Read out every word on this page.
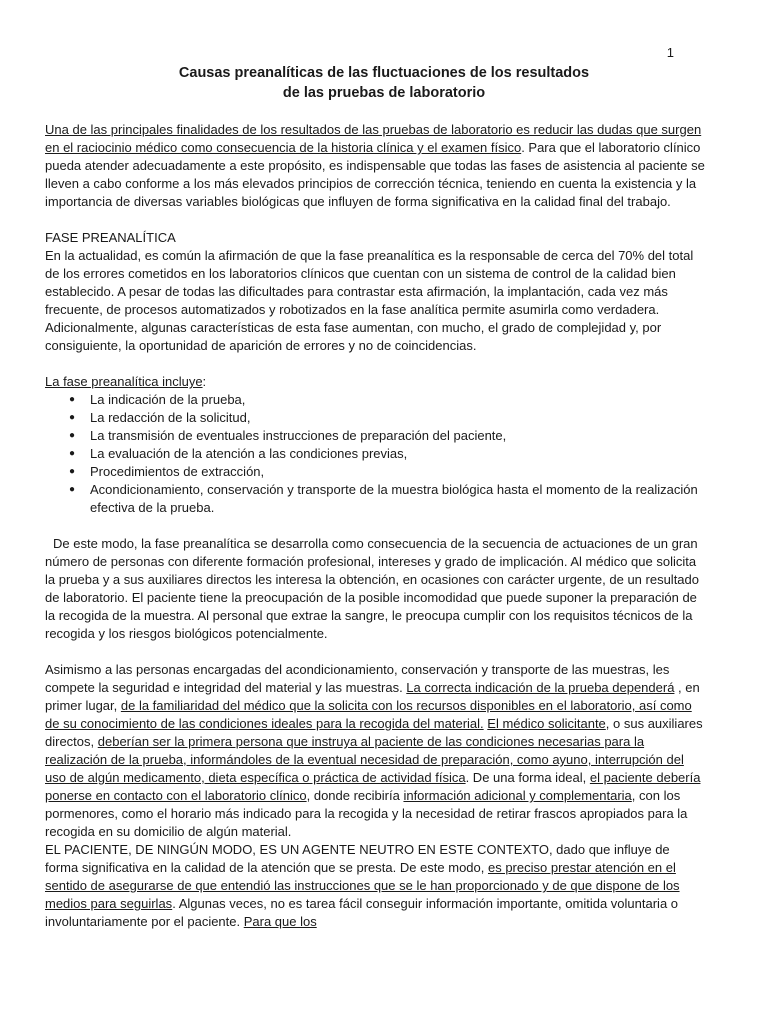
1
Causas preanalíticas de las fluctuaciones de los resultados
de las pruebas de laboratorio

Una de las principales finalidades de los resultados de las pruebas de laboratorio es reducir las dudas que surgen en el raciocinio médico como consecuencia de la historia clínica y el examen físico. Para que el laboratorio clínico pueda atender adecuadamente a este propósito, es indispensable que todas las fases de asistencia al paciente se lleven a cabo conforme a los más elevados principios de corrección técnica, teniendo en cuenta la existencia y la importancia de diversas variables biológicas que influyen de forma significativa en la calidad final del trabajo.

FASE PREANALÍTICA

En la actualidad, es común la afirmación de que la fase preanalítica es la responsable de cerca del 70% del total de los errores cometidos en los laboratorios clínicos que cuentan con un sistema de control de la calidad bien establecido. A pesar de todas las dificultades para contrastar esta afirmación, la implantación, cada vez más frecuente, de procesos automatizados y robotizados en la fase analítica permite asumirla como verdadera. Adicionalmente, algunas características de esta fase aumentan, con mucho, el grado de complejidad y, por consiguiente, la oportunidad de aparición de errores y no de coincidencias.

La fase preanalítica incluye:
● La indicación de la prueba,
● La redacción de la solicitud,
● La transmisión de eventuales instrucciones de preparación del paciente,
● La evaluación de la atención a las condiciones previas,
● Procedimientos de extracción,
● Acondicionamiento, conservación y transporte de la muestra biológica hasta el momento de la realización efectiva de la prueba.

De este modo, la fase preanalítica se desarrolla como consecuencia de la secuencia de actuaciones de un gran número de personas con diferente formación profesional, intereses y grado de implicación. Al médico que solicita la prueba y a sus auxiliares directos les interesa la obtención, en ocasiones con carácter urgente, de un resultado de laboratorio. El paciente tiene la preocupación de la posible incomodidad que puede suponer la preparación de la recogida de la muestra. Al personal que extrae la sangre, le preocupa cumplir con los requisitos técnicos de la recogida y los riesgos biológicos potencialmente.

Asimismo a las personas encargadas del acondicionamiento, conservación y transporte de las muestras, les compete la seguridad e integridad del material y las muestras. La correcta indicación de la prueba dependerá , en primer lugar, de la familiaridad del médico que la solicita con los recursos disponibles en el laboratorio, así como de su conocimiento de las condiciones ideales para la recogida del material. El médico solicitante, o sus auxiliares directos, deberían ser la primera persona que instruya al paciente de las condiciones necesarias para la realización de la prueba, informándoles de la eventual necesidad de preparación, como ayuno, interrupción del uso de algún medicamento, dieta específica o práctica de actividad física. De una forma ideal, el paciente debería ponerse en contacto con el laboratorio clínico, donde recibiría información adicional y complementaria, con los pormenores, como el horario más indicado para la recogida y la necesidad de retirar frascos apropiados para la recogida en su domicilio de algún material.

EL PACIENTE, DE NINGÚN MODO, ES UN AGENTE NEUTRO EN ESTE CONTEXTO, dado que influye de forma significativa en la calidad de la atención que se presta. De este modo, es preciso prestar atención en el sentido de asegurarse de que entendió las instrucciones que se le han proporcionado y de que dispone de los medios para seguirlas. Algunas veces, no es tarea fácil conseguir información importante, omitida voluntaria o involuntariamente por el paciente. Para que los
